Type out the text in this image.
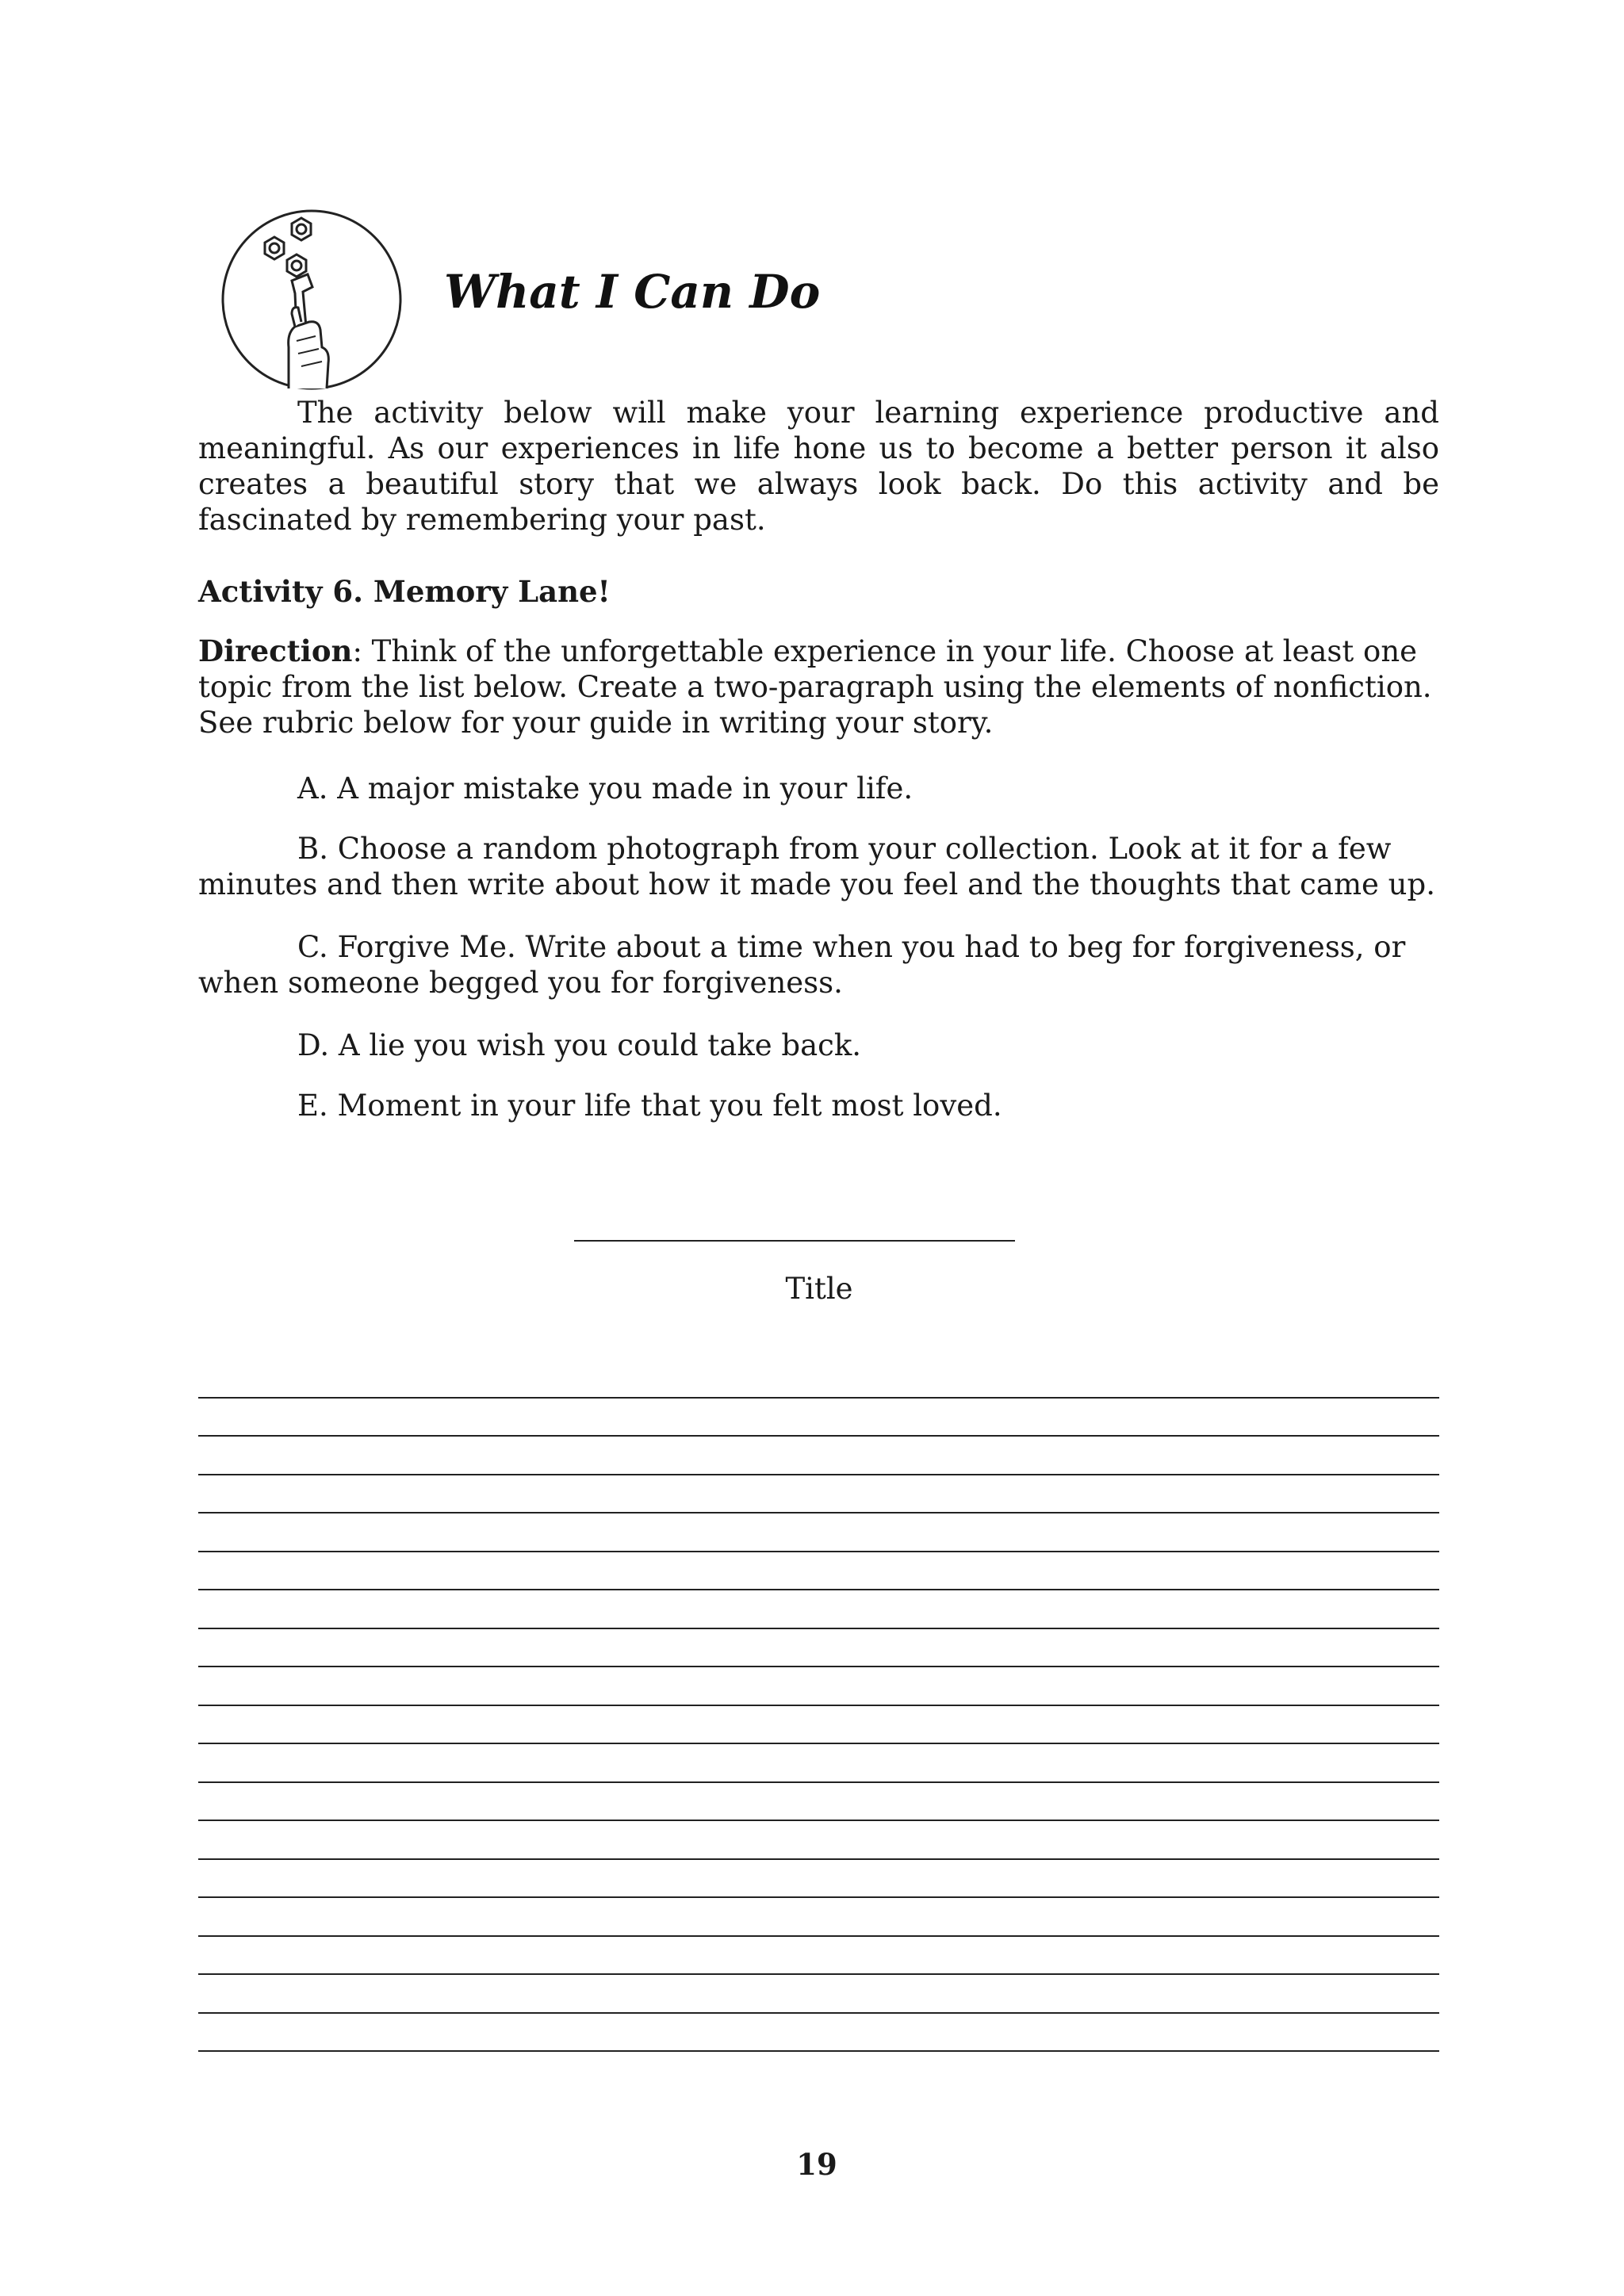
What I Can Do

The activity below will make your learning experience productive and meaningful. As our experiences in life hone us to become a better person it also creates a beautiful story that we always look back. Do this activity and be fascinated by remembering your past.

Activity 6. Memory Lane!

Direction: Think of the unforgettable experience in your life. Choose at least one topic from the list below. Create a two-paragraph using the elements of nonfiction. See rubric below for your guide in writing your story.

A. A major mistake you made in your life.

B. Choose a random photograph from your collection. Look at it for a few minutes and then write about how it made you feel and the thoughts that came up.

C. Forgive Me. Write about a time when you had to beg for forgiveness, or when someone begged you for forgiveness.

D. A lie you wish you could take back.

E. Moment in your life that you felt most loved.

Title
19
